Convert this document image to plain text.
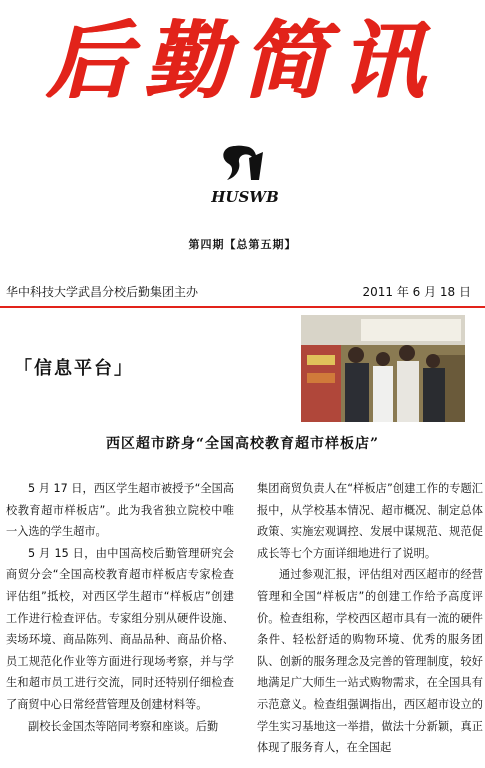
后勤简讯
HUSWB
第四期【总第五期】
华中科技大学武昌分校后勤集团主办	2011 年 6 月 18 日
「信息平台」
西区超市跻身“全国高校教育超市样板店”

5 月 17 日，西区学生超市被授予“全国高校教育超市样板店”。此为我省独立院校中唯一入选的学生超市。

5 月 15 日，由中国高校后勤管理研究会商贸分会“全国高校教育超市样板店专家检查评估组”抵校，对西区学生超市“样板店”创建工作进行检查评估。专家组分别从硬件设施、卖场环境、商品陈列、商品品种、商品价格、员工规范化作业等方面进行现场考察，并与学生和超市员工进行交流，同时还特别仔细检查了商贸中心日常经营管理及创建材料等。

副校长金国杰等陪同考察和座谈。后勤

集团商贸负责人在“样板店”创建工作的专题汇报中，从学校基本情况、超市概况、制定总体政策、实施宏观调控、发展中谋规范、规范促成长等七个方面详细地进行了说明。

通过参观汇报，评估组对西区超市的经营管理和全国“样板店”的创建工作给予高度评价。检查组称，学校西区超市具有一流的硬件条件、轻松舒适的购物环境、优秀的服务团队、创新的服务理念及完善的管理制度，较好地满足广大师生一站式购物需求，在全国具有示范意义。检查组强调指出，西区超市设立的学生实习基地这一举措，做法十分新颖，真正体现了服务育人，在全国起
